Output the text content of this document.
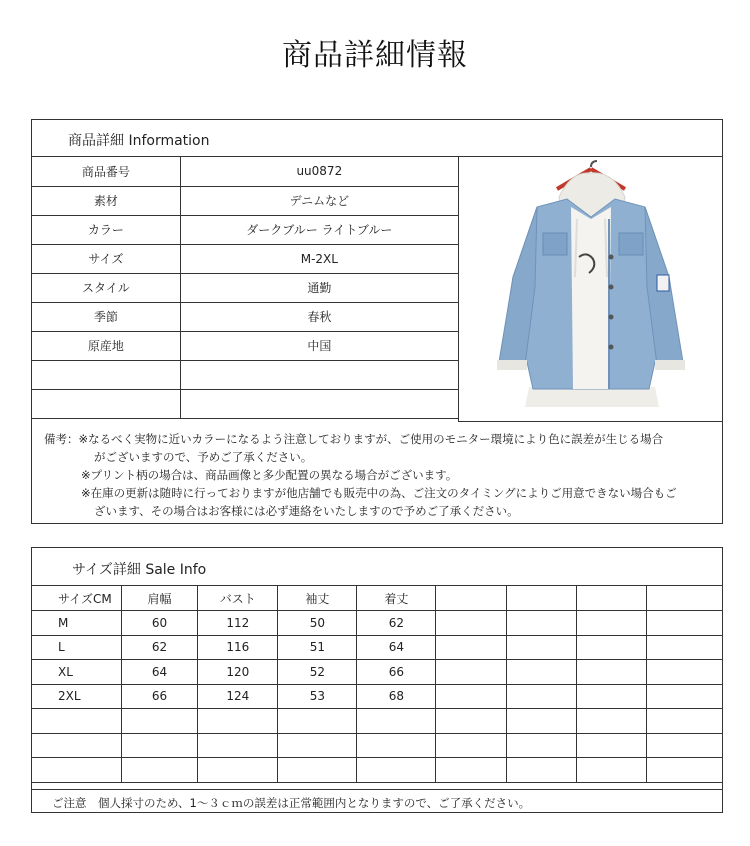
商品詳細情報
商品詳細 Information
商品番号	uu0872
素材	デニムなど
カラー	ダークブルー ライトブルー
サイズ	M-2XL
スタイル	通勤
季節	春秋
原産地	中国

備考：※なるべく実物に近いカラーになるよう注意しておりますが、ご使用のモニター環境により色に誤差が生じる場合
がございますので、予めご了承ください。
※プリント柄の場合は、商品画像と多少配置の異なる場合がございます。
※在庫の更新は随時に行っておりますが他店舗でも販売中の為、ご注文のタイミングによりご用意できない場合もご
ざいます、その場合はお客様には必ず連絡をいたしますので予めご了承ください。
サイズ詳細 Sale Info
サイズCM	肩幅	バスト	袖丈	着丈				
M	60	112	50	62				
L	62	116	51	64				
XL	64	120	52	66				
2XL	66	124	53	68				

ご注意　個人採寸のため、1～３ｃｍの誤差は正常範囲内となりますので、ご了承ください。
